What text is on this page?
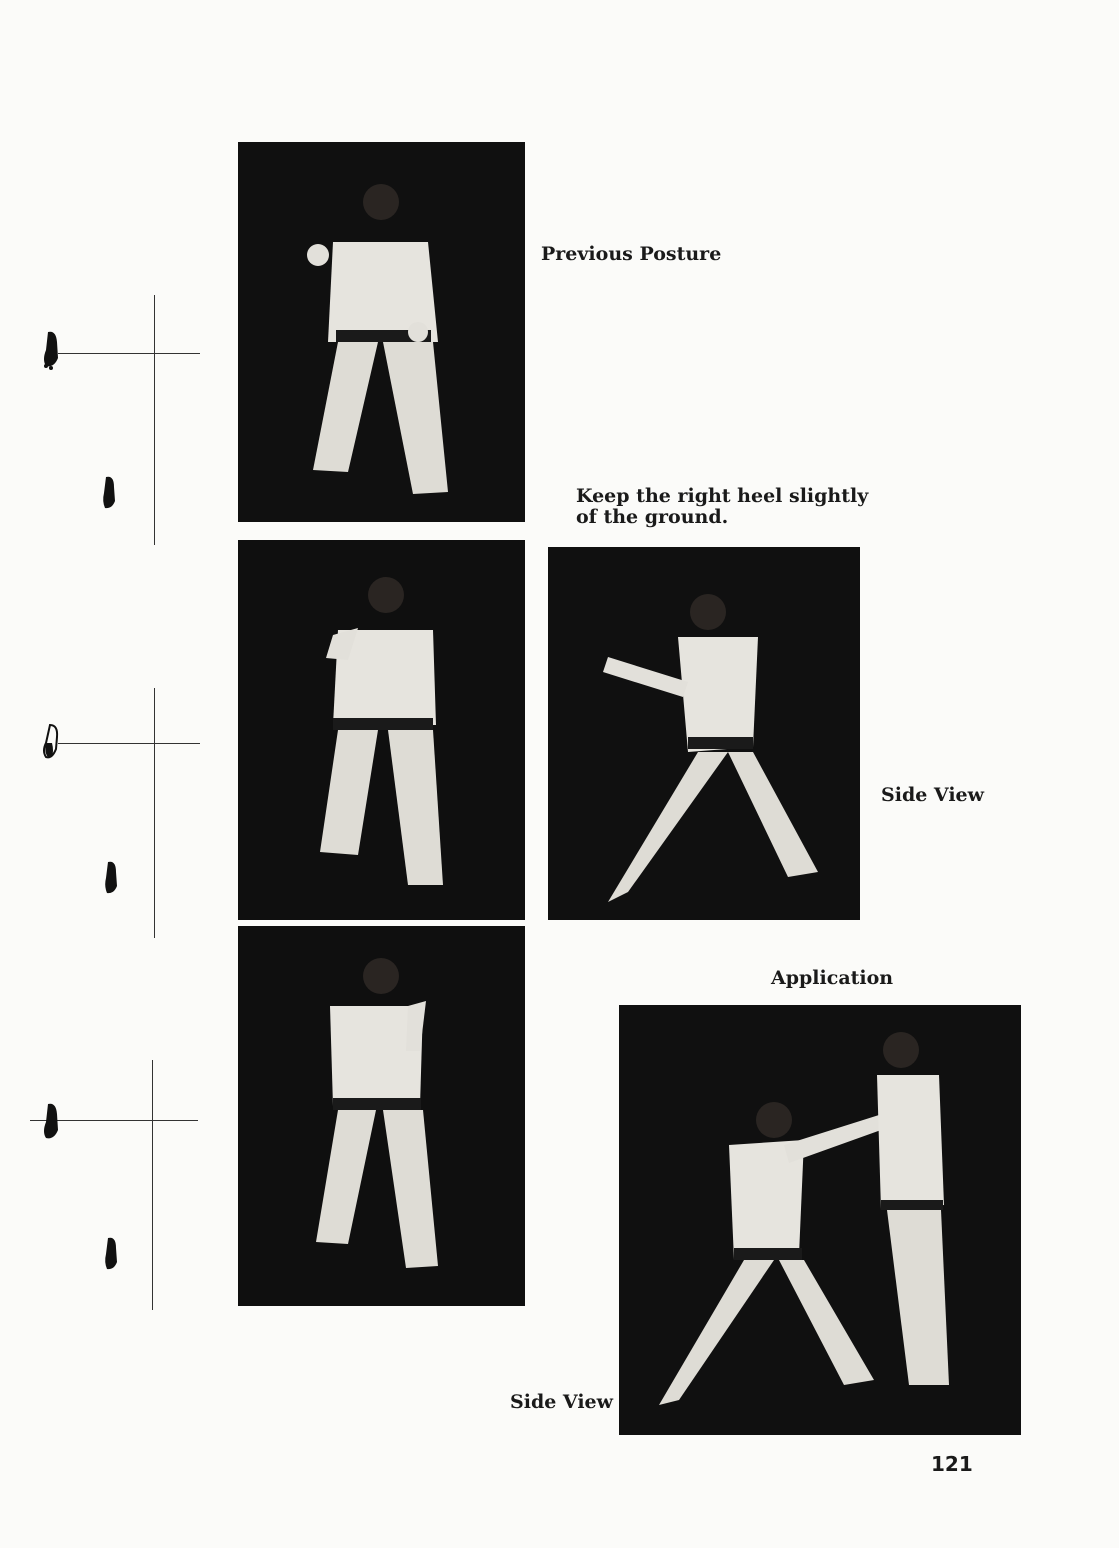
Previous Posture
Keep the right heel slightly
of the ground.
Side View
Application
Side View
121
